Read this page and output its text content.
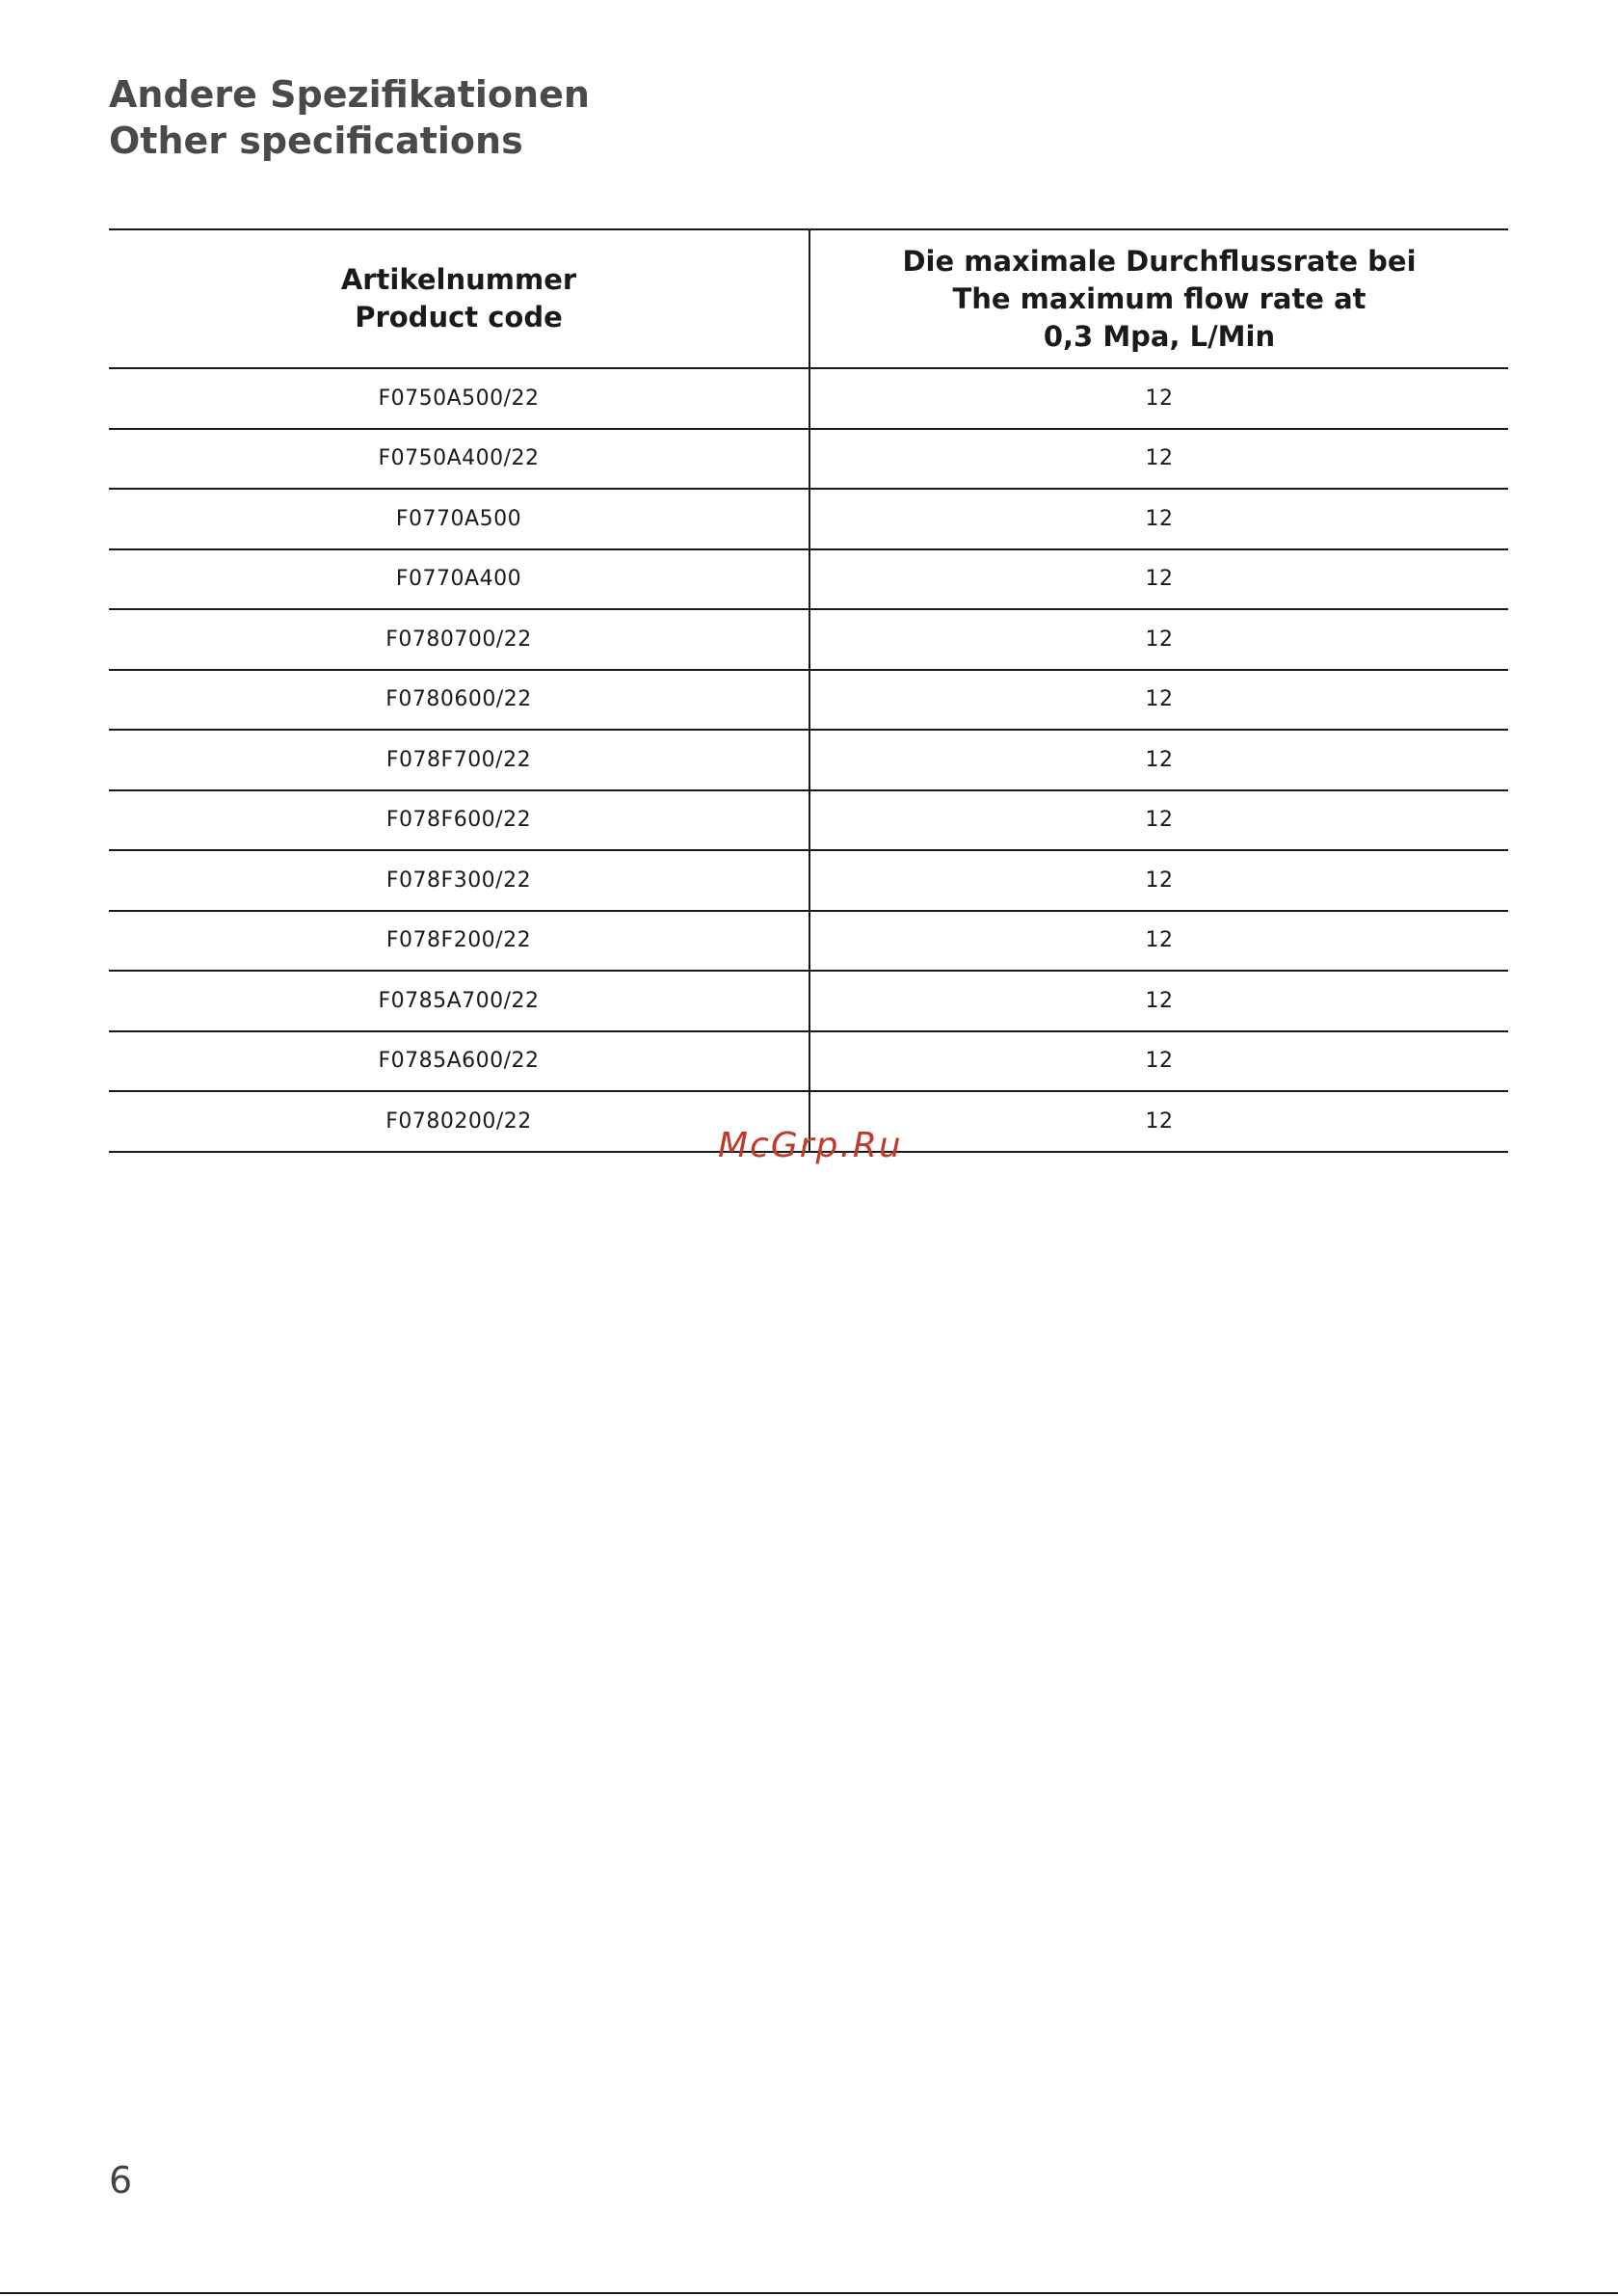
Andere Spezifikationen
Other specifications
Artikelnummer
Product code	Die maximale Durchflussrate bei
The maximum flow rate at
0,3 Mpa, L/Min

F0750A500/22	12
F0750A400/22	12
F0770A500	12
F0770A400	12
F0780700/22	12
F0780600/22	12
F078F700/22	12
F078F600/22	12
F078F300/22	12
F078F200/22	12
F0785A700/22	12
F0785A600/22	12
F0780200/22	12
McGrp.Ru
6
